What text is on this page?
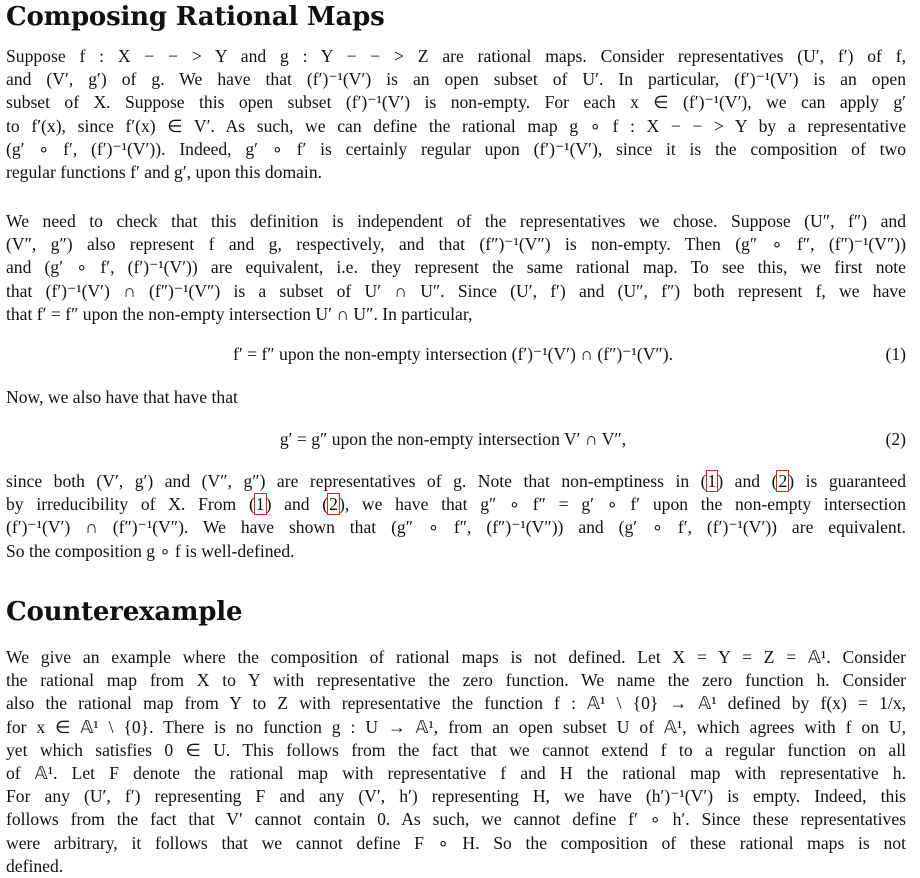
Composing Rational Maps

Suppose f : X − − > Y and g : Y − − > Z are rational maps. Consider representatives (U′, f′) of f,
and (V′, g′) of g. We have that (f′)⁻¹(V′) is an open subset of U′. In particular, (f′)⁻¹(V′) is an open
subset of X. Suppose this open subset (f′)⁻¹(V′) is non-empty. For each x ∈ (f′)⁻¹(V′), we can apply g′
to f′(x), since f′(x) ∈ V′. As such, we can define the rational map g ∘ f : X − − > Y by a representative
(g′ ∘ f′, (f′)⁻¹(V′)). Indeed, g′ ∘ f′ is certainly regular upon (f′)⁻¹(V′), since it is the composition of two
regular functions f′ and g′, upon this domain.

We need to check that this definition is independent of the representatives we chose. Suppose (U″, f″) and
(V″, g″) also represent f and g, respectively, and that (f″)⁻¹(V″) is non-empty. Then (g″ ∘ f″, (f″)⁻¹(V″))
and (g′ ∘ f′, (f′)⁻¹(V′)) are equivalent, i.e. they represent the same rational map. To see this, we first note
that (f′)⁻¹(V′) ∩ (f″)⁻¹(V″) is a subset of U′ ∩ U″. Since (U′, f′) and (U″, f″) both represent f, we have
that f′ = f″ upon the non-empty intersection U′ ∩ U″. In particular,

f′ = f″ upon the non-empty intersection (f′)⁻¹(V′) ∩ (f″)⁻¹(V″).	(1)

Now, we also have that have that

g′ = g″ upon the non-empty intersection V′ ∩ V″,	(2)

since both (V′, g′) and (V″, g″) are representatives of g. Note that non-emptiness in (1) and (2) is guaranteed
by irreducibility of X. From (1) and (2), we have that g″ ∘ f″ = g′ ∘ f′ upon the non-empty intersection
(f′)⁻¹(V′) ∩ (f″)⁻¹(V″). We have shown that (g″ ∘ f″, (f″)⁻¹(V″)) and (g′ ∘ f′, (f′)⁻¹(V′)) are equivalent.
So the composition g ∘ f is well-defined.

Counterexample

We give an example where the composition of rational maps is not defined. Let X = Y = Z = 𝔸¹. Consider
the rational map from X to Y with representative the zero function. We name the zero function h. Consider
also the rational map from Y to Z with representative the function f : 𝔸¹ \ {0} → 𝔸¹ defined by f(x) = 1/x,
for x ∈ 𝔸¹ \ {0}. There is no function g : U → 𝔸¹, from an open subset U of 𝔸¹, which agrees with f on U,
yet which satisfies 0 ∈ U. This follows from the fact that we cannot extend f to a regular function on all
of 𝔸¹. Let F denote the rational map with representative f and H the rational map with representative h.
For any (U′, f′) representing F and any (V′, h′) representing H, we have (h′)⁻¹(V′) is empty. Indeed, this
follows from the fact that V′ cannot contain 0. As such, we cannot define f′ ∘ h′. Since these representatives
were arbitrary, it follows that we cannot define F ∘ H. So the composition of these rational maps is not
defined.
